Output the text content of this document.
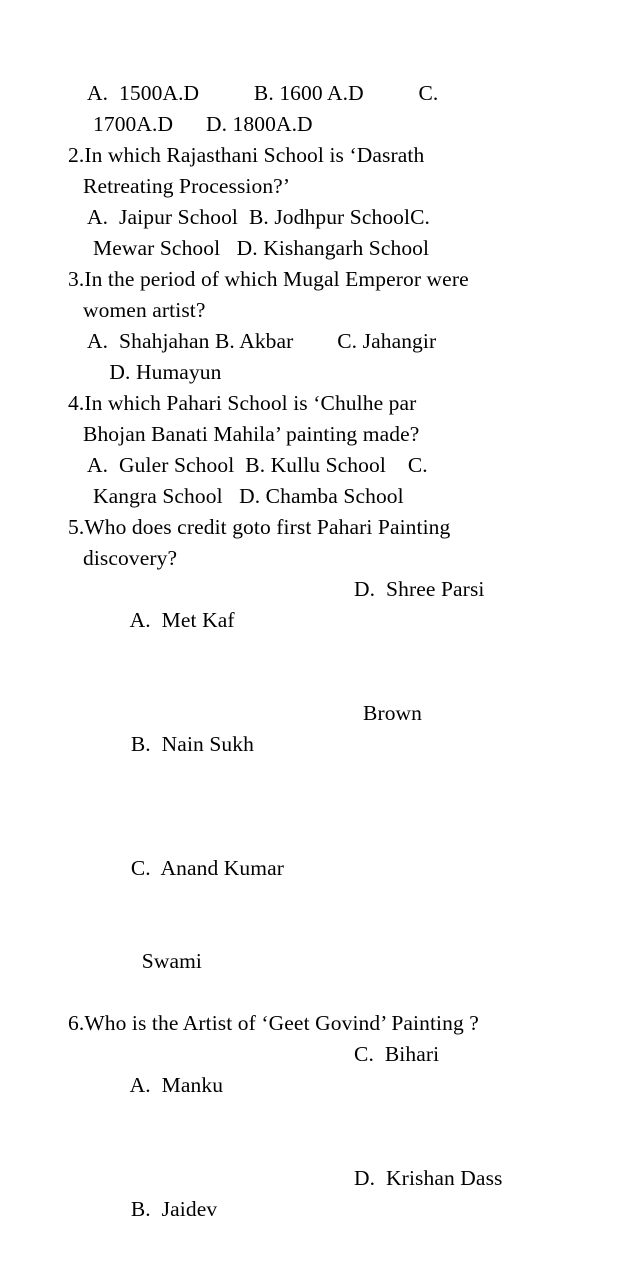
A.  1500A.D          B. 1600 A.D          C.
1700A.D      D. 1800A.D
2.In which Rajasthani School is ‘Dasrath
Retreating Procession?’
A.  Jaipur School  B. Jodhpur SchoolC.
Mewar School   D. Kishangarh School
3.In the period of which Mugal Emperor were
women artist?
A.  Shahjahan B. Akbar        C. Jahangir
D. Humayun
4.In which Pahari School is ‘Chulhe par
Bhojan Banati Mahila’ painting made?
A.  Guler School  B. Kullu School    C.
Kangra School   D. Chamba School
5.Who does credit goto first Pahari Painting
discovery?

A.  Met Kaf

D.  Shree Parsi

B.  Nain Sukh

Brown

C.  Anand Kumar

Swami

6.Who is the Artist of ‘Geet Govind’ Painting ?

A.  Manku

C.  Bihari

B.  Jaidev

D.  Krishan Dass
